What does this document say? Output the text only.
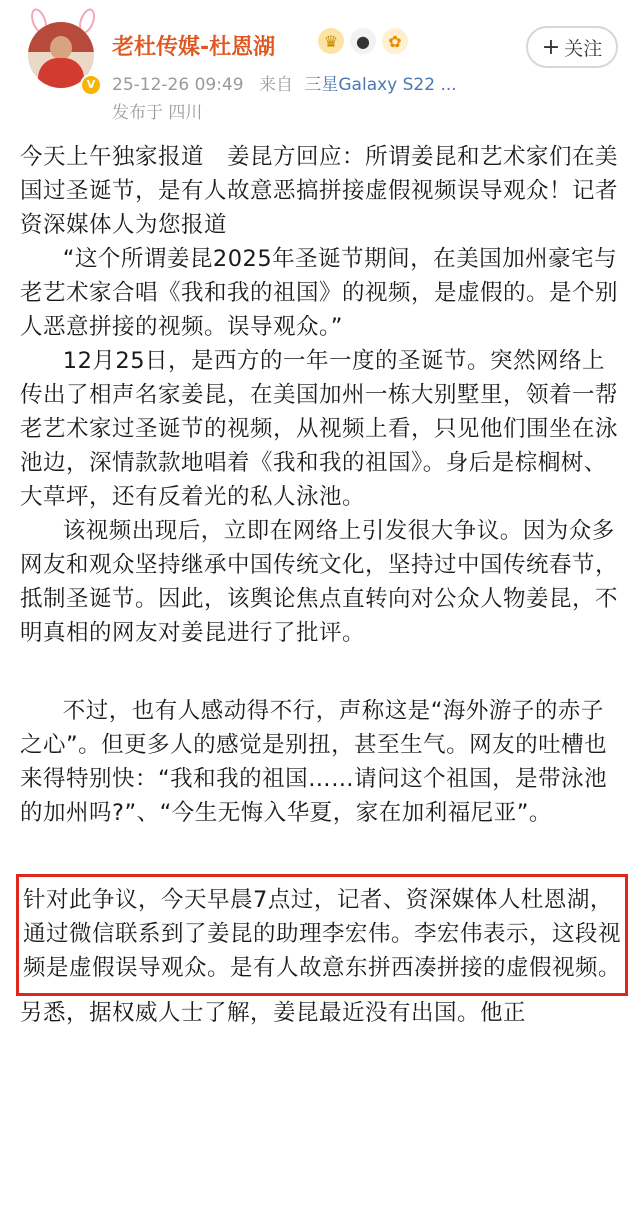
V
老杜传媒-杜恩湖	♛	●	✿
25-12-26 09:49 来自 三星Galaxy S22 ...
发布于 四川
+ 关注

今天上午独家报道　姜昆方回应：所谓姜昆和艺术家们在美国过圣诞节，是有人故意恶搞拼接虚假视频误导观众！记者 资深媒体人为您报道

“这个所谓姜昆2025年圣诞节期间，在美国加州豪宅与老艺术家合唱《我和我的祖国》的视频，是虚假的。是个别人恶意拼接的视频。误导观众。”

12月25日，是西方的一年一度的圣诞节。突然网络上传出了相声名家姜昆，在美国加州一栋大别墅里，领着一帮老艺术家过圣诞节的视频，从视频上看，只见他们围坐在泳池边，深情款款地唱着《我和我的祖国》。身后是棕榈树、大草坪，还有反着光的私人泳池。

该视频出现后，立即在网络上引发很大争议。因为众多网友和观众坚持继承中国传统文化，坚持过中国传统春节，抵制圣诞节。因此，该舆论焦点直转向对公众人物姜昆，不明真相的网友对姜昆进行了批评。

不过，也有人感动得不行，声称这是“海外游子的赤子之心”。但更多人的感觉是别扭，甚至生气。网友的吐槽也来得特别快：“我和我的祖国……请问这个祖国，是带泳池的加州吗?”、“今生无悔入华夏，家在加利福尼亚”。

针对此争议，今天早晨7点过，记者、资深媒体人杜恩湖，通过微信联系到了姜昆的助理李宏伟。李宏伟表示，这段视频是虚假误导观众。是有人故意东拼西凑拼接的虚假视频。

另悉，据权威人士了解，姜昆最近没有出国。他正
